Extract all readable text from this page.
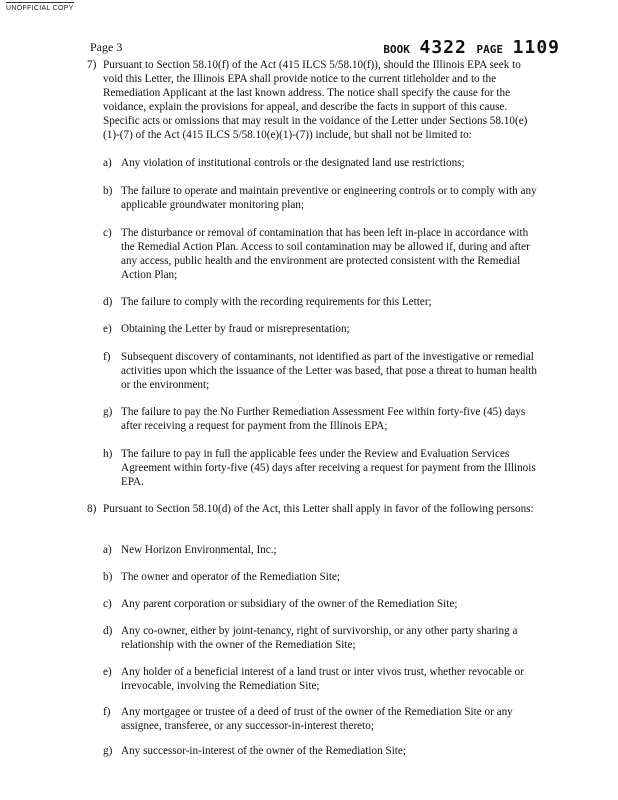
UNOFFICIAL COPY
Page 3	BOOK 4322 PAGE 1109
7) Pursuant to Section 58.10(f) of the Act (415 ILCS 5/58.10(f)), should the Illinois EPA seek to void this Letter, the Illinois EPA shall provide notice to the current titleholder and to the Remediation Applicant at the last known address. The notice shall specify the cause for the voidance, explain the provisions for appeal, and describe the facts in support of this cause. Specific acts or omissions that may result in the voidance of the Letter under Sections 58.10(e)(1)-(7) of the Act (415 ILCS 5/58.10(e)(1)-(7)) include, but shall not be limited to:

a) Any violation of institutional controls or the designated land use restrictions;

b) The failure to operate and maintain preventive or engineering controls or to comply with any applicable groundwater monitoring plan;

c) The disturbance or removal of contamination that has been left in-place in accordance with the Remedial Action Plan. Access to soil contamination may be allowed if, during and after any access, public health and the environment are protected consistent with the Remedial Action Plan;

d) The failure to comply with the recording requirements for this Letter;

e) Obtaining the Letter by fraud or misrepresentation;

f) Subsequent discovery of contaminants, not identified as part of the investigative or remedial activities upon which the issuance of the Letter was based, that pose a threat to human health or the environment;

g) The failure to pay the No Further Remediation Assessment Fee within forty-five (45) days after receiving a request for payment from the Illinois EPA;

h) The failure to pay in full the applicable fees under the Review and Evaluation Services Agreement within forty-five (45) days after receiving a request for payment from the Illinois EPA.

8) Pursuant to Section 58.10(d) of the Act, this Letter shall apply in favor of the following persons:

a) New Horizon Environmental, Inc.;

b) The owner and operator of the Remediation Site;

c) Any parent corporation or subsidiary of the owner of the Remediation Site;

d) Any co-owner, either by joint-tenancy, right of survivorship, or any other party sharing a relationship with the owner of the Remediation Site;

e) Any holder of a beneficial interest of a land trust or inter vivos trust, whether revocable or irrevocable, involving the Remediation Site;

f) Any mortgagee or trustee of a deed of trust of the owner of the Remediation Site or any assignee, transferee, or any successor-in-interest thereto;

g) Any successor-in-interest of the owner of the Remediation Site;
